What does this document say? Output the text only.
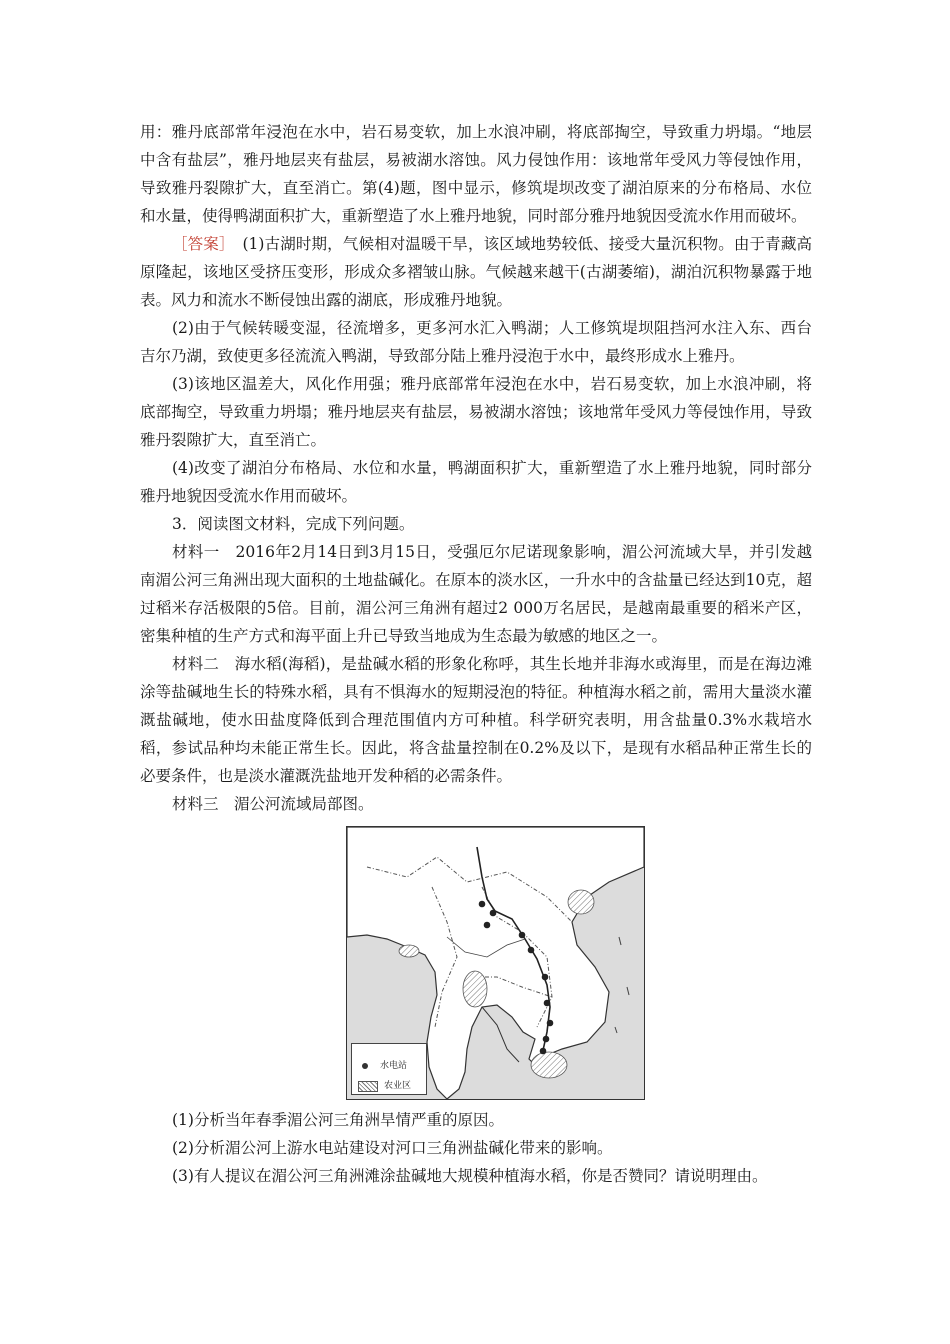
用：雅丹底部常年浸泡在水中，岩石易变软，加上水浪冲刷，将底部掏空，导致重力坍塌。“地层中含有盐层”，雅丹地层夹有盐层，易被湖水溶蚀。风力侵蚀作用：该地常年受风力等侵蚀作用，导致雅丹裂隙扩大，直至消亡。第(4)题，图中显示，修筑堤坝改变了湖泊原来的分布格局、水位和水量，使得鸭湖面积扩大，重新塑造了水上雅丹地貌，同时部分雅丹地貌因受流水作用而破坏。

［答案］　(1)古湖时期，气候相对温暖干旱，该区域地势较低、接受大量沉积物。由于青藏高原隆起，该地区受挤压变形，形成众多褶皱山脉。气候越来越干(古湖萎缩)，湖泊沉积物暴露于地表。风力和流水不断侵蚀出露的湖底，形成雅丹地貌。

(2)由于气候转暖变湿，径流增多，更多河水汇入鸭湖；人工修筑堤坝阻挡河水注入东、西台吉尔乃湖，致使更多径流流入鸭湖，导致部分陆上雅丹浸泡于水中，最终形成水上雅丹。

(3)该地区温差大，风化作用强；雅丹底部常年浸泡在水中，岩石易变软，加上水浪冲刷，将底部掏空，导致重力坍塌；雅丹地层夹有盐层，易被湖水溶蚀；该地常年受风力等侵蚀作用，导致雅丹裂隙扩大，直至消亡。

(4)改变了湖泊分布格局、水位和水量，鸭湖面积扩大，重新塑造了水上雅丹地貌，同时部分雅丹地貌因受流水作用而破坏。

3．阅读图文材料，完成下列问题。

材料一　2016年2月14日到3月15日，受强厄尔尼诺现象影响，湄公河流域大旱，并引发越南湄公河三角洲出现大面积的土地盐碱化。在原本的淡水区，一升水中的含盐量已经达到10克，超过稻米存活极限的5倍。目前，湄公河三角洲有超过2 000万名居民，是越南最重要的稻米产区，密集种植的生产方式和海平面上升已导致当地成为生态最为敏感的地区之一。

材料二　海水稻(海稻)，是盐碱水稻的形象化称呼，其生长地并非海水或海里，而是在海边滩涂等盐碱地生长的特殊水稻，具有不惧海水的短期浸泡的特征。种植海水稻之前，需用大量淡水灌溉盐碱地，使水田盐度降低到合理范围值内方可种植。科学研究表明，用含盐量0.3%水栽培水稻，参试品种均未能正常生长。因此，将含盐量控制在0.2%及以下，是现有水稻品种正常生长的必要条件，也是淡水灌溉洗盐地开发种稻的必需条件。

材料三　湄公河流域局部图。

水电站
农业区

(1)分析当年春季湄公河三角洲旱情严重的原因。

(2)分析湄公河上游水电站建设对河口三角洲盐碱化带来的影响。

(3)有人提议在湄公河三角洲滩涂盐碱地大规模种植海水稻，你是否赞同？请说明理由。
